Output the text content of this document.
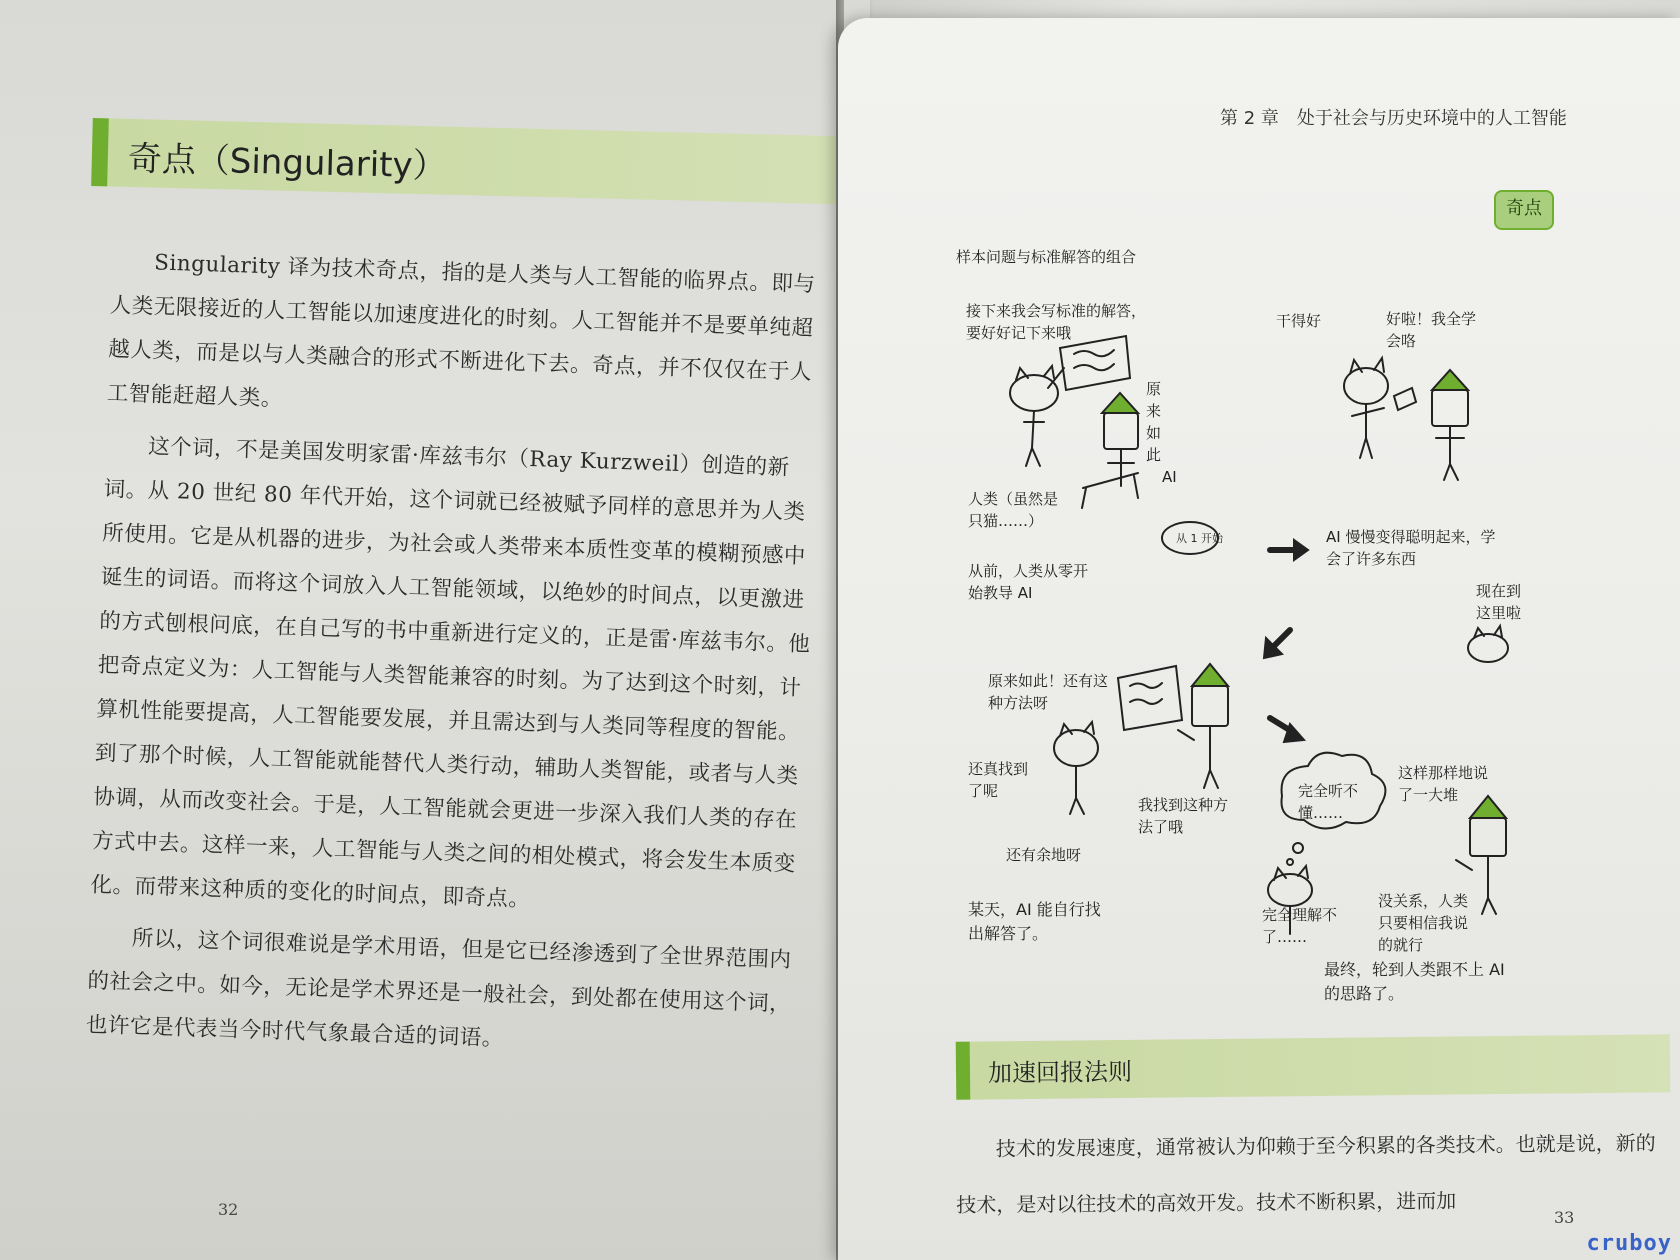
奇点（Singularity）

Singularity 译为技术奇点，指的是人类与人工智能的临界点。即与人类无限接近的人工智能以加速度进化的时刻。人工智能并不是要单纯超越人类，而是以与人类融合的形式不断进化下去。奇点，并不仅仅在于人工智能赶超人类。

这个词，不是美国发明家雷·库兹韦尔（Ray Kurzweil）创造的新词。从 20 世纪 80 年代开始，这个词就已经被赋予同样的意思并为人类所使用。它是从机器的进步，为社会或人类带来本质性变革的模糊预感中诞生的词语。而将这个词放入人工智能领域，以绝妙的时间点，以更激进的方式刨根问底，在自己写的书中重新进行定义的，正是雷·库兹韦尔。他把奇点定义为：人工智能与人类智能兼容的时刻。为了达到这个时刻，计算机性能要提高，人工智能要发展，并且需达到与人类同等程度的智能。到了那个时候，人工智能就能替代人类行动，辅助人类智能，或者与人类协调，从而改变社会。于是，人工智能就会更进一步深入我们人类的存在方式中去。这样一来，人工智能与人类之间的相处模式，将会发生本质变化。而带来这种质的变化的时间点，即奇点。

所以，这个词很难说是学术用语，但是它已经渗透到了全世界范围内的社会之中。如今，无论是学术界还是一般社会，到处都在使用这个词，也许它是代表当今时代气象最合适的词语。

32
第 2 章　处于社会与历史环境中的人工智能
奇点
样本问题与标准解答的组合
接下来我会写标准的解答，要好好记下来哦
原来如此
AI
人类（虽然是只猫……）
从 1 开始
从前，人类从零开始教导 AI
干得好	好啦！我全学会咯
AI 慢慢变得聪明起来，学会了许多东西
现在到这里啦
原来如此！还有这种方法呀
还真找到了呢
我找到这种方法了哦
还有余地呀
某天，AI 能自行找出解答了。
完全听不懂……
这样那样地说了一大堆
完全理解不了……
没关系，人类只要相信我说的就行
最终，轮到人类跟不上 AI 的思路了。
加速回报法则

技术的发展速度，通常被认为仰赖于至今积累的各类技术。也就是说，新的技术，是对以往技术的高效开发。技术不断积累，进而加

33
cruboy
